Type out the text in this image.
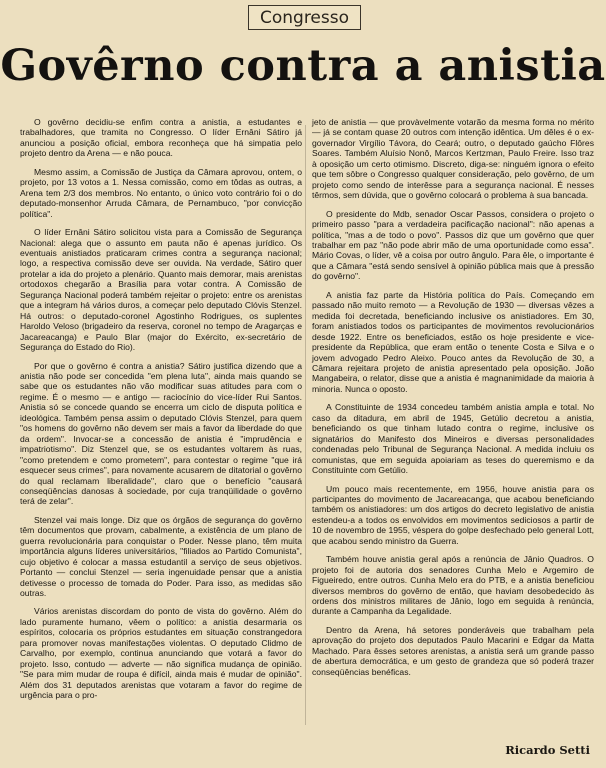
Congresso
Govêrno contra a anistia

O govêrno decidiu-se enfim contra a anistia, a estudantes e trabalhadores, que tramita no Congresso. O líder Ernâni Sátiro já anunciou a posição oficial, embora reconheça que há simpatia pelo projeto dentro da Arena — e não pouca.

Mesmo assim, a Comissão de Justiça da Câmara aprovou, ontem, o projeto, por 13 votos a 1. Nessa comissão, como em tôdas as outras, a Arena tem 2/3 dos membros. No entanto, o único voto contrário foi o do deputado-monsenhor Arruda Câmara, de Pernambuco, "por convicção política".

O líder Ernâni Sátiro solicitou vista para a Comissão de Segurança Nacional: alega que o assunto em pauta não é apenas jurídico. Os eventuais anistiados praticaram crimes contra a segurança nacional; logo, a respectiva comissão deve ser ouvida. Na verdade, Sátiro quer protelar a ida do projeto a plenário. Quanto mais demorar, mais arenistas ortodoxos chegarão a Brasília para votar contra. A Comissão de Segurança Nacional poderá também rejeitar o projeto: entre os arenistas que a integram há vários duros, a começar pelo deputado Clóvis Stenzel. Há outros: o deputado-coronel Agostinho Rodrigues, os suplentes Haroldo Veloso (brigadeiro da reserva, coronel no tempo de Aragarças e Jacareacanga) e Paulo Blar (major do Exército, ex-secretário de Segurança do Estado do Rio).

Por que o govêrno é contra a anistia? Sátiro justifica dizendo que a anistia não pode ser concedida "em plena luta", ainda mais quando se sabe que os estudantes não vão modificar suas atitudes para com o regime. É o mesmo — e antigo — raciocínio do vice-líder Rui Santos. Anistia só se concede quando se encerra um ciclo de disputa política e ideológica. Também pensa assim o deputado Clóvis Stenzel, para quem "os homens do govêrno não devem ser mais a favor da liberdade do que da ordem". Invocar-se a concessão de anistia é "imprudência e impatriotismo". Diz Stenzel que, se os estudantes voltarem às ruas, "como pretendem e como prometem", para contestar o regime "que irá esquecer seus crimes", para novamente acusarem de ditatorial o govêrno do qual reclamam liberalidade", claro que o benefício "causará conseqüências danosas à sociedade, por cuja tranqüilidade o govêrno terá de zelar".

Stenzel vai mais longe. Diz que os órgãos de segurança do govêrno têm documentos que provam, cabalmente, a existência de um plano de guerra revolucionária para conquistar o Poder. Nesse plano, têm muita importância alguns líderes universitários, "filiados ao Partido Comunista", cujo objetivo é colocar a massa estudantil a serviço de seus objetivos. Portanto — conclui Stenzel — seria ingenuidade pensar que a anistia detivesse o processo de tomada do Poder. Para isso, as medidas são outras.

Vários arenistas discordam do ponto de vista do govêrno. Além do lado puramente humano, vêem o político: a anistia desarmaria os espíritos, colocaria os próprios estudantes em situação constrangedora para promover novas manifestações violentas. O deputado Clidmo de Carvalho, por exemplo, continua anunciando que votará a favor do projeto. Isso, contudo — adverte — não significa mudança de opinião. "Se para mim mudar de roupa é difícil, ainda mais é mudar de opinião". Além dos 31 deputados arenistas que votaram a favor do regime de urgência para o pro-

jeto de anistia — que provàvelmente votarão da mesma forma no mérito — já se contam quase 20 outros com intenção idêntica. Um dêles é o ex-governador Virgílio Távora, do Ceará; outro, o deputado gaúcho Flôres Soares. Também Aluísio Nonô, Marcos Kertzman, Paulo Freire. Isso traz à oposição um certo otimismo. Discreto, diga-se: ninguém ignora o efeito que tem sôbre o Congresso qualquer consideração, pelo govêrno, de um projeto como sendo de interêsse para a segurança nacional. É nesses têrmos, sem dúvida, que o govêrno colocará o problema à sua bancada.

O presidente do Mdb, senador Oscar Passos, considera o projeto o primeiro passo "para a verdadeira pacificação nacional": não apenas a política, "mas a de todo o povo". Passos diz que um govêrno que quer trabalhar em paz "não pode abrir mão de uma oportunidade como essa". Mário Covas, o líder, vê a coisa por outro ângulo. Para êle, o importante é que a Câmara "está sendo sensível à opinião pública mais que à pressão do govêrno".

A anistia faz parte da História política do País. Começando em passado não muito remoto — a Revolução de 1930 — diversas vêzes a medida foi decretada, beneficiando inclusive os anistiadores. Em 30, foram anistiados todos os participantes de movimentos revolucionários desde 1922. Entre os beneficiados, estão os hoje presidente e vice-presidente da República, que eram então o tenente Costa e Silva e o jovem advogado Pedro Aleixo. Pouco antes da Revolução de 30, a Câmara rejeitara projeto de anistia apresentado pela oposição. João Mangabeira, o relator, disse que a anistia é magnanimidade da maioria à minoria. Nunca o oposto.

A Constituinte de 1934 concedeu também anistia ampla e total. No caso da ditadura, em abril de 1945, Getúlio decretou a anistia, beneficiando os que tinham lutado contra o regime, inclusive os signatários do Manifesto dos Mineiros e diversas personalidades condenadas pelo Tribunal de Segurança Nacional. A medida incluiu os comunistas, que em seguida apoiariam as teses do queremismo e da Constituinte com Getúlio.

Um pouco mais recentemente, em 1956, houve anistia para os participantes do movimento de Jacareacanga, que acabou beneficiando também os anistiadores: um dos artigos do decreto legislativo de anistia estendeu-a a todos os envolvidos em movimentos sediciosos a partir de 10 de novembro de 1955, véspera do golpe desfechado pelo general Lott, que acabou sendo ministro da Guerra.

Também houve anistia geral após a renúncia de Jânio Quadros. O projeto foi de autoria dos senadores Cunha Melo e Argemiro de Figueiredo, entre outros. Cunha Melo era do PTB, e a anistia beneficiou diversos membros do govêrno de então, que haviam desobedecido às ordens dos ministros militares de Jânio, logo em seguida à renúncia, durante a Campanha da Legalidade.

Dentro da Arena, há setores ponderáveis que trabalham pela aprovação do projeto dos deputados Paulo Macarini e Edgar da Matta Machado. Para êsses setores arenistas, a anistia será um grande passo de abertura democrática, e um gesto de grandeza que só poderá trazer conseqüências benéficas.

Ricardo Setti
